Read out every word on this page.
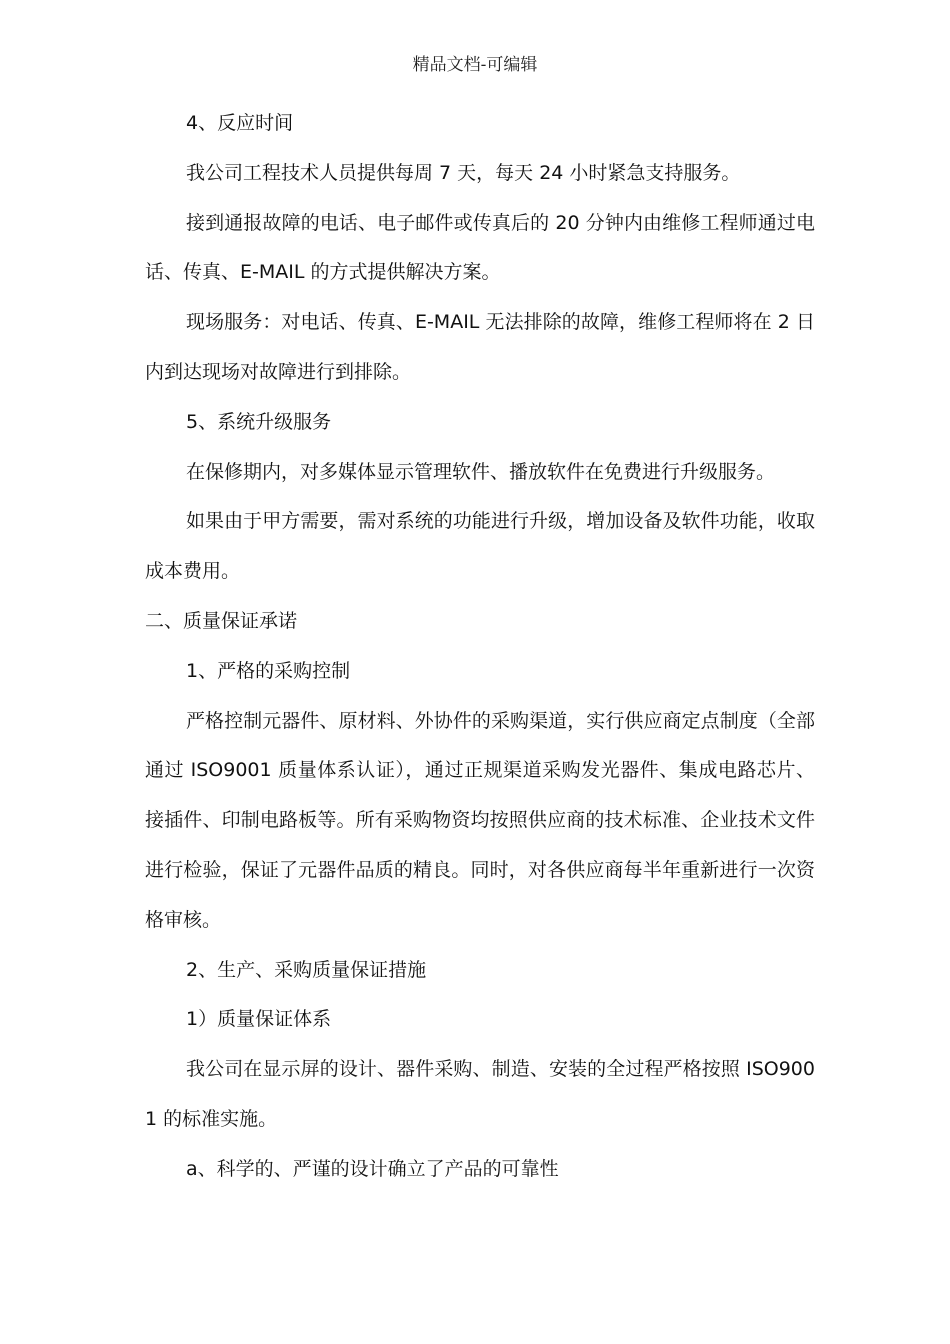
精品文档-可编辑

4、反应时间

我公司工程技术人员提供每周 7 天，每天 24 小时紧急支持服务。

接到通报故障的电话、电子邮件或传真后的 20 分钟内由维修工程师通过电话、传真、E-MAIL 的方式提供解决方案。

现场服务：对电话、传真、E-MAIL 无法排除的故障，维修工程师将在 2 日内到达现场对故障进行到排除。

5、系统升级服务

在保修期内，对多媒体显示管理软件、播放软件在免费进行升级服务。

如果由于甲方需要，需对系统的功能进行升级，增加设备及软件功能，收取成本费用。

二、质量保证承诺

1、严格的采购控制

严格控制元器件、原材料、外协件的采购渠道，实行供应商定点制度（全部通过 ISO9001 质量体系认证），通过正规渠道采购发光器件、集成电路芯片、接插件、印制电路板等。所有采购物资均按照供应商的技术标准、企业技术文件进行检验，保证了元器件品质的精良。同时，对各供应商每半年重新进行一次资格审核。

2、生产、采购质量保证措施

1）质量保证体系

我公司在显示屏的设计、器件采购、制造、安装的全过程严格按照 ISO9001 的标准实施。

a、科学的、严谨的设计确立了产品的可靠性
